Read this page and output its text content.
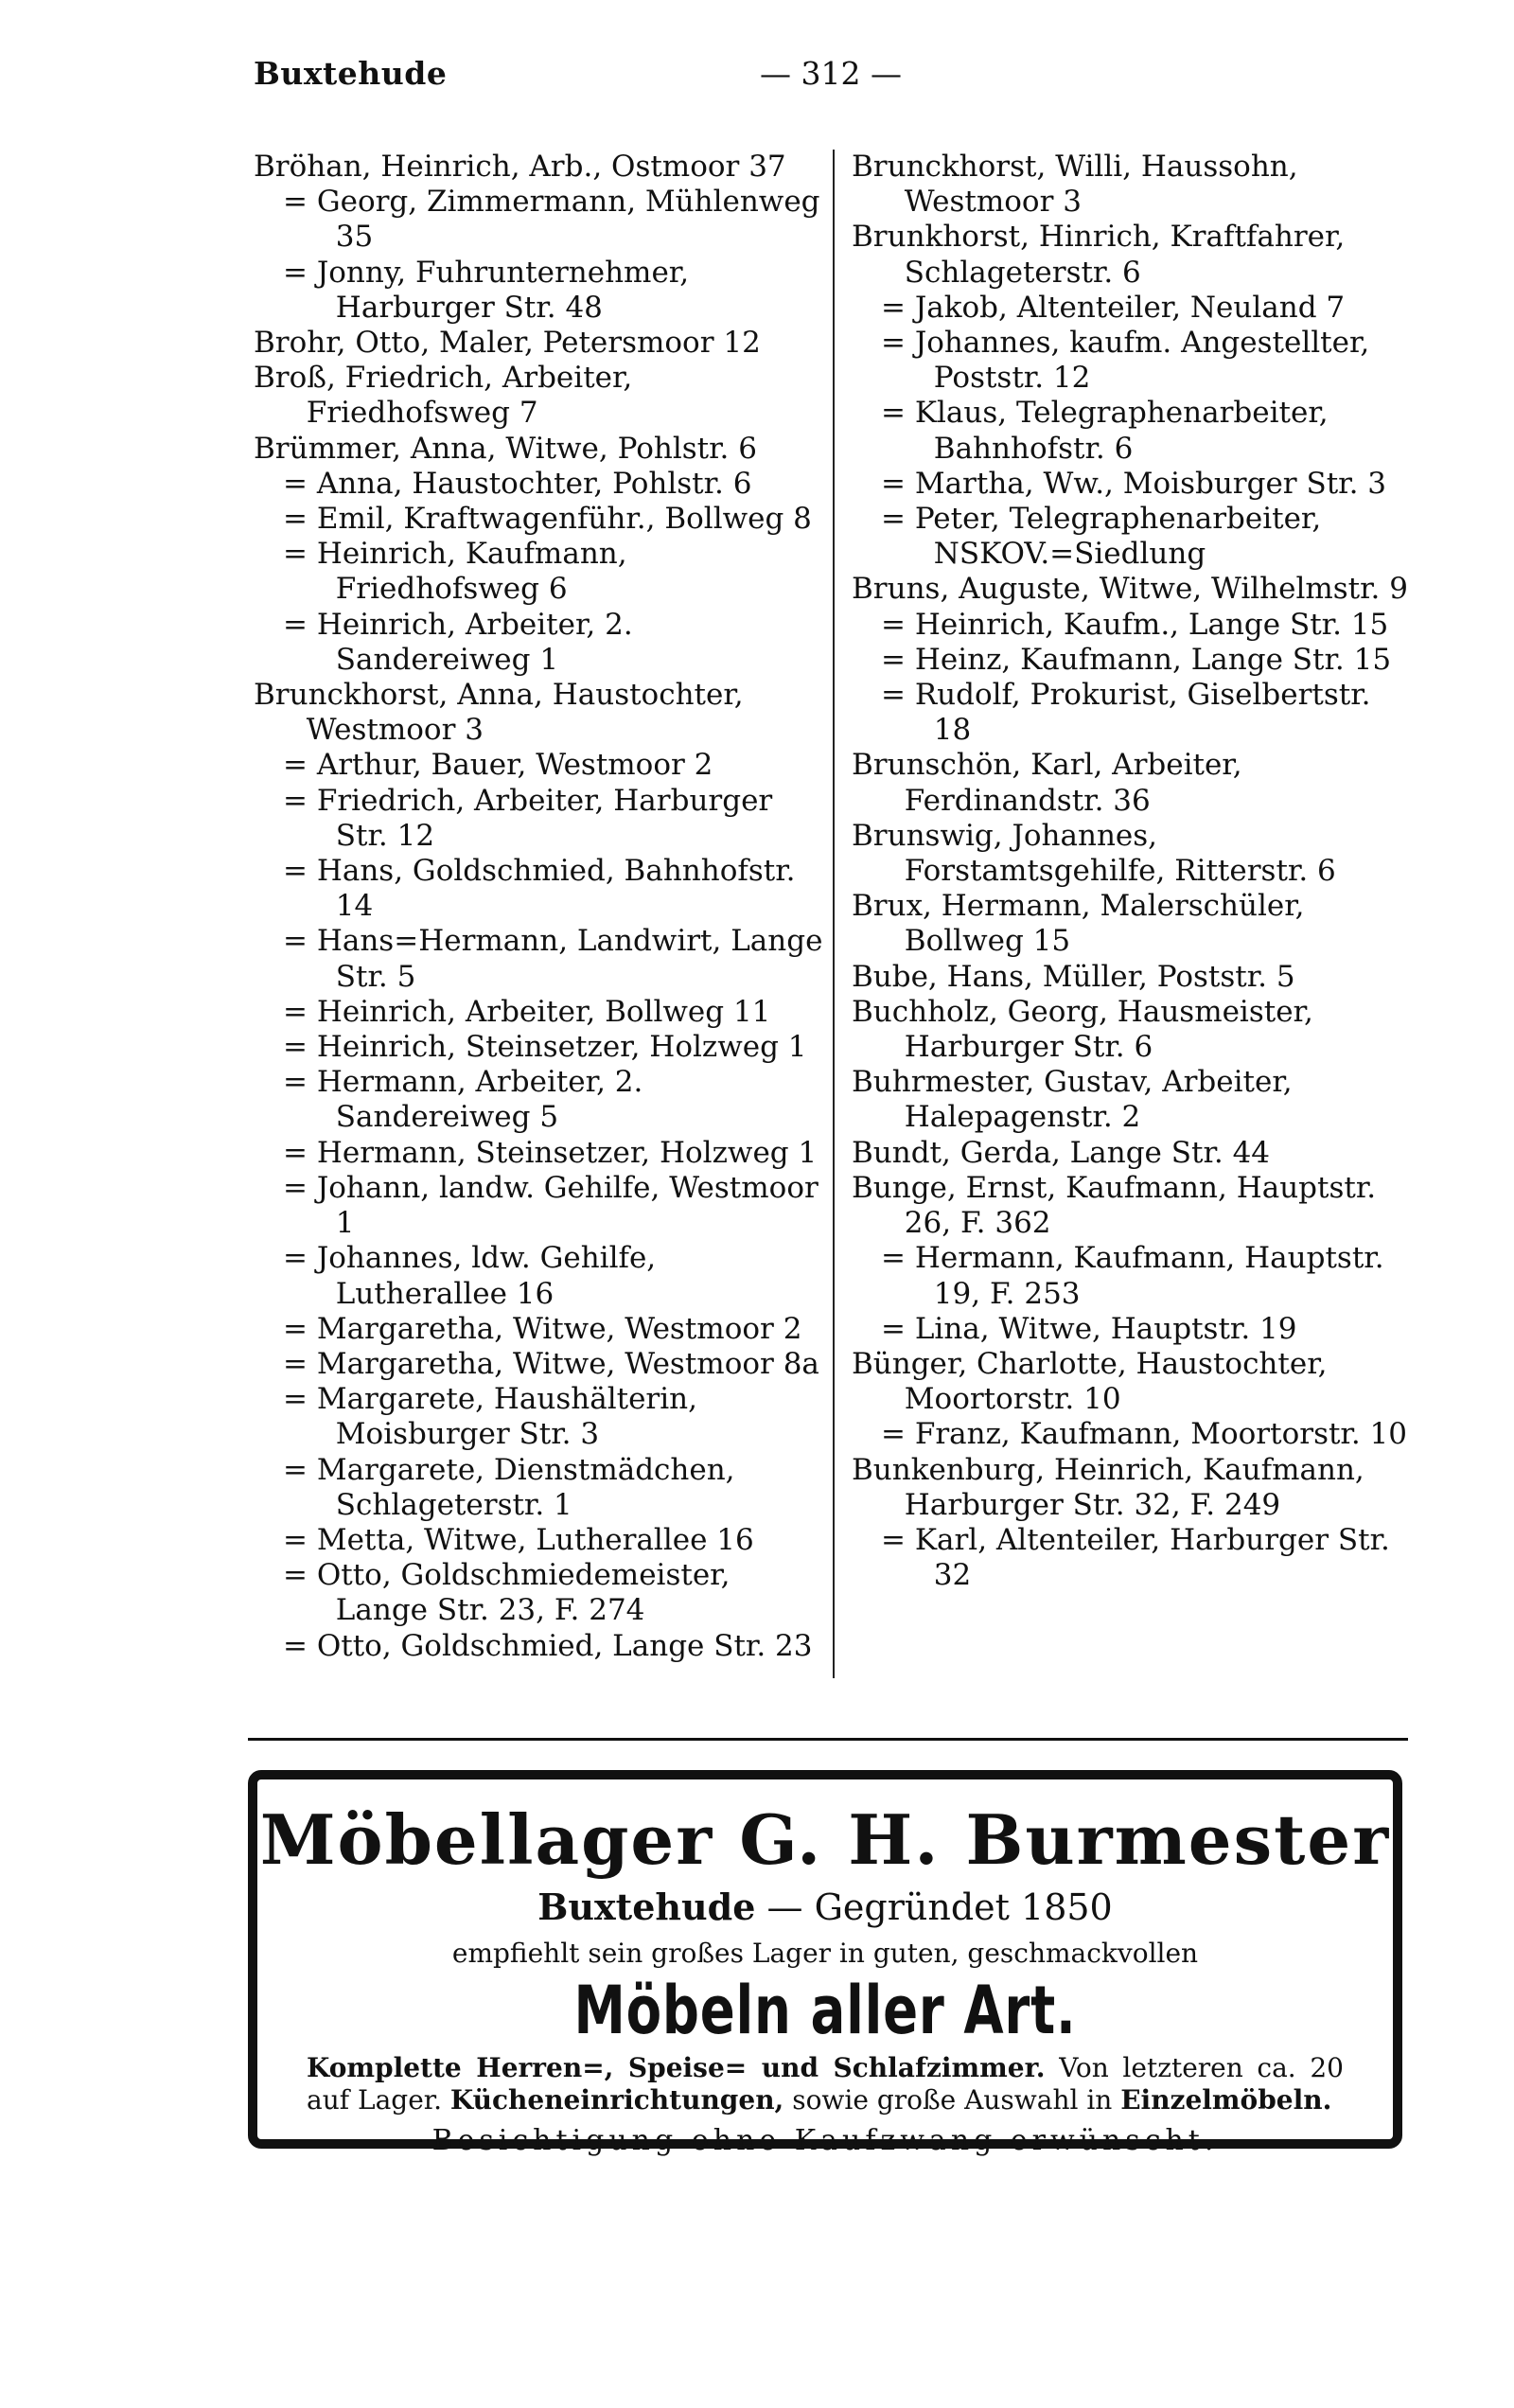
Buxtehude	— 312 —

Bröhan, Heinrich, Arb., Ostmoor 37

= Georg, Zimmermann, Mühlenweg 35

= Jonny, Fuhrunternehmer, Harburger Str. 48

Brohr, Otto, Maler, Petersmoor 12

Broß, Friedrich, Arbeiter, Friedhofsweg 7

Brümmer, Anna, Witwe, Pohlstr. 6

= Anna, Haustochter, Pohlstr. 6

= Emil, Kraftwagenführ., Bollweg 8

= Heinrich, Kaufmann, Friedhofsweg 6

= Heinrich, Arbeiter, 2. Sandereiweg 1

Brunckhorst, Anna, Haustochter, Westmoor 3

= Arthur, Bauer, Westmoor 2

= Friedrich, Arbeiter, Harburger Str. 12

= Hans, Goldschmied, Bahnhofstr. 14

= Hans=Hermann, Landwirt, Lange Str. 5

= Heinrich, Arbeiter, Bollweg 11

= Heinrich, Steinsetzer, Holzweg 1

= Hermann, Arbeiter, 2. Sandereiweg 5

= Hermann, Steinsetzer, Holzweg 1

= Johann, landw. Gehilfe, Westmoor 1

= Johannes, ldw. Gehilfe, Lutherallee 16

= Margaretha, Witwe, Westmoor 2

= Margaretha, Witwe, Westmoor 8a

= Margarete, Haushälterin, Moisburger Str. 3

= Margarete, Dienstmädchen, Schlageterstr. 1

= Metta, Witwe, Lutherallee 16

= Otto, Goldschmiedemeister, Lange Str. 23, F. 274

= Otto, Goldschmied, Lange Str. 23

Brunckhorst, Willi, Haussohn, Westmoor 3

Brunkhorst, Hinrich, Kraftfahrer, Schlageterstr. 6

= Jakob, Altenteiler, Neuland 7

= Johannes, kaufm. Angestellter, Poststr. 12

= Klaus, Telegraphenarbeiter, Bahnhofstr. 6

= Martha, Ww., Moisburger Str. 3

= Peter, Telegraphenarbeiter, NSKOV.=Siedlung

Bruns, Auguste, Witwe, Wilhelmstr. 9

= Heinrich, Kaufm., Lange Str. 15

= Heinz, Kaufmann, Lange Str. 15

= Rudolf, Prokurist, Giselbertstr. 18

Brunschön, Karl, Arbeiter, Ferdinandstr. 36

Brunswig, Johannes, Forstamtsgehilfe, Ritterstr. 6

Brux, Hermann, Malerschüler, Bollweg 15

Bube, Hans, Müller, Poststr. 5

Buchholz, Georg, Hausmeister, Harburger Str. 6

Buhrmester, Gustav, Arbeiter, Halepagenstr. 2

Bundt, Gerda, Lange Str. 44

Bunge, Ernst, Kaufmann, Hauptstr. 26, F. 362

= Hermann, Kaufmann, Hauptstr. 19, F. 253

= Lina, Witwe, Hauptstr. 19

Bünger, Charlotte, Haustochter, Moortorstr. 10

= Franz, Kaufmann, Moortorstr. 10

Bunkenburg, Heinrich, Kaufmann, Harburger Str. 32, F. 249

= Karl, Altenteiler, Harburger Str. 32

Möbellager G. H. Burmester
Buxtehude — Gegründet 1850
empfiehlt sein großes Lager in guten, geschmackvollen
Möbeln aller Art.
Komplette Herren=, Speise= und Schlafzimmer. Von letzteren ca. 20 auf Lager. Kücheneinrichtungen, sowie große Auswahl in Einzelmöbeln.
Besichtigung ohne Kaufzwang erwünscht.
